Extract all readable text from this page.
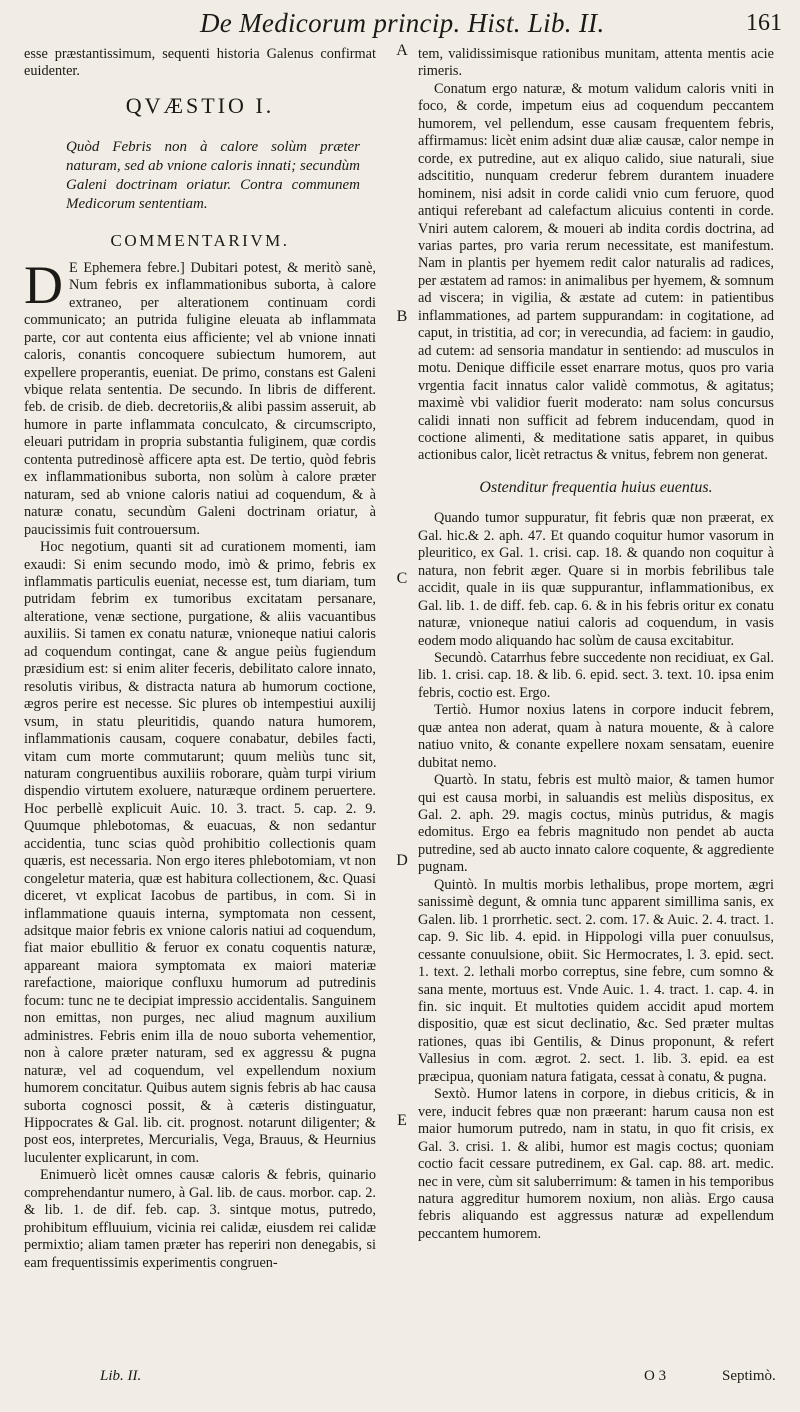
De Medicorum princip. Hist. Lib. II.	161

esse præstantissimum, sequenti historia Galenus confirmat euidenter.

QVÆSTIO I.
Quòd Febris non à calore solùm præter naturam, sed ab vnione caloris innati; secundùm Galeni doctrinam oriatur. Contra communem Medicorum sententiam.
COMMENTARIVM.

D E Ephemera febre.] Dubitari potest, & meritò sanè, Num febris ex inflammationibus suborta, à calore extraneo, per alterationem continuam cordi communicato; an putrida fuligine eleuata ab inflammata parte, cor aut contenta eius afficiente; vel ab vnione innati caloris, conantis concoquere subiectum humorem, aut expellere properantis, eueniat. De primo, constans est Galeni vbique relata sententia. De secundo. In libris de different. feb. de crisib. de dieb. decretoriis,& alibi passim asseruit, ab humore in parte inflammata conculcato, & circumscripto, eleuari putridam in propria substantia fuliginem, quæ cordis contenta putredinosè afficere apta est. De tertio, quòd febris ex inflammationibus suborta, non solùm à calore præter naturam, sed ab vnione caloris natiui ad coquendum, & à naturæ conatu, secundùm Galeni doctrinam oriatur, à paucissimis fuit controuersum.

Hoc negotium, quanti sit ad curationem momenti, iam exaudi: Si enim secundo modo, imò & primo, febris ex inflammatis particulis eueniat, necesse est, tum diariam, tum putridam febrim ex tumoribus excitatam persanare, alteratione, venæ sectione, purgatione, & aliis vacuantibus auxiliis. Si tamen ex conatu naturæ, vnioneque natiui caloris ad coquendum contingat, cane & angue peiùs fugiendum præsidium est: si enim aliter feceris, debilitato calore innato, resolutis viribus, & distracta natura ab humorum coctione, ægros perire est necesse. Sic plures ob intempestiui auxilij vsum, in statu pleuritidis, quando natura humorem, inflammationis causam, coquere conabatur, debiles facti, vitam cum morte commutarunt; quum meliùs tunc sit, naturam congruentibus auxiliis roborare, quàm turpi virium dispendio virtutem exoluere, naturæque ordinem peruertere. Hoc perbellè explicuit Auic. 10. 3. tract. 5. cap. 2. 9. Quumque phlebotomas, & euacuas, & non sedantur accidentia, tunc scias quòd prohibitio collectionis quam quæris, est necessaria. Non ergo iteres phlebotomiam, vt non congeletur materia, quæ est habitura collectionem, &c. Quasi diceret, vt explicat Iacobus de partibus, in com. Si in inflammatione quauis interna, symptomata non cessent, adsitque maior febris ex vnione caloris natiui ad coquendum, fiat maior ebullitio & feruor ex conatu coquentis naturæ, appareant maiora symptomata ex maiori materiæ rarefactione, maiorique confluxu humorum ad putredinis focum: tunc ne te decipiat impressio accidentalis. Sanguinem non emittas, non purges, nec aliud magnum auxilium administres. Febris enim illa de nouo suborta vehementior, non à calore præter naturam, sed ex aggressu & pugna naturæ, vel ad coquendum, vel expellendum noxium humorem concitatur. Quibus autem signis febris ab hac causa suborta cognosci possit, & à cæteris distinguatur, Hippocrates & Gal. lib. cit. prognost. notarunt diligenter; & post eos, interpretes, Mercurialis, Vega, Brauus, & Heurnius luculenter explicarunt, in com.

Enimuerò licèt omnes causæ caloris & febris, quinario comprehendantur numero, à Gal. lib. de caus. morbor. cap. 2. & lib. 1. de dif. feb. cap. 3. sintque motus, putredo, prohibitum effluuium, vicinia rei calidæ, eiusdem rei calidæ permixtio; aliam tamen præter has reperiri non denegabis, si eam frequentissimis experimentis congruen-

A
B
C
D
E

tem, validissimisque rationibus munitam, attenta mentis acie rimeris.

Conatum ergo naturæ, & motum validum caloris vniti in foco, & corde, impetum eius ad coquendum peccantem humorem, vel pellendum, esse causam frequentem febris, affirmamus: licèt enim adsint duæ aliæ causæ, calor nempe in corde, ex putredine, aut ex aliquo calido, siue naturali, siue adscititio, nunquam crederur febrem durantem inuadere hominem, nisi adsit in corde calidi vnio cum feruore, quod antiqui referebant ad calefactum alicuius contenti in corde. Vniri autem calorem, & moueri ab indita cordis doctrina, ad varias partes, pro varia rerum necessitate, est manifestum. Nam in plantis per hyemem redit calor naturalis ad radices, per æstatem ad ramos: in animalibus per hyemem, & somnum ad viscera; in vigilia, & æstate ad cutem: in patientibus inflammationes, ad partem suppurandam: in cogitatione, ad caput, in tristitia, ad cor; in verecundia, ad faciem: in gaudio, ad cutem: ad sensoria mandatur in sentiendo: ad musculos in motu. Denique difficile esset enarrare motus, quos pro varia vrgentia facit innatus calor validè commotus, & agitatus; maximè vbi validior fuerit moderato: nam solus concursus calidi innati non sufficit ad febrem inducendam, quod in coctione alimenti, & meditatione satis apparet, in quibus actionibus calor, licèt retractus & vnitus, febrem non generat.

Ostenditur frequentia huius euentus.

Quando tumor suppuratur, fit febris quæ non præerat, ex Gal. hic.& 2. aph. 47. Et quando coquitur humor vasorum in pleuritico, ex Gal. 1. crisi. cap. 18. & quando non coquitur à natura, non febrit æger. Quare si in morbis febrilibus tale accidit, quale in iis quæ suppurantur, inflammationibus, ex Gal. lib. 1. de diff. feb. cap. 6. & in his febris oritur ex conatu naturæ, vnioneque natiui caloris ad coquendum, in vasis eodem modo aliquando hac solùm de causa excitabitur.

Secundò. Catarrhus febre succedente non recidiuat, ex Gal. lib. 1. crisi. cap. 18. & lib. 6. epid. sect. 3. text. 10. ipsa enim febris, coctio est. Ergo.

Tertiò. Humor noxius latens in corpore inducit febrem, quæ antea non aderat, quam à natura mouente, & à calore natiuo vnito, & conante expellere noxam sensatam, euenire dubitat nemo.

Quartò. In statu, febris est multò maior, & tamen humor qui est causa morbi, in saluandis est meliùs dispositus, ex Gal. 2. aph. 29. magis coctus, minùs putridus, & magis edomitus. Ergo ea febris magnitudo non pendet ab aucta putredine, sed ab aucto innato calore coquente, & aggrediente pugnam.

Quintò. In multis morbis lethalibus, prope mortem, ægri sanissimè degunt, & omnia tunc apparent simillima sanis, ex Galen. lib. 1 prorrhetic. sect. 2. com. 17. & Auic. 2. 4. tract. 1. cap. 9. Sic lib. 4. epid. in Hippologi villa puer conuulsus, cessante conuulsione, obiit. Sic Hermocrates, l. 3. epid. sect. 1. text. 2. lethali morbo correptus, sine febre, cum somno & sana mente, mortuus est. Vnde Auic. 1. 4. tract. 1. cap. 4. in fin. sic inquit. Et multoties quidem accidit apud mortem dispositio, quæ est sicut declinatio, &c. Sed præter multas rationes, quas ibi Gentilis, & Dinus proponunt, & refert Vallesius in com. ægrot. 2. sect. 1. lib. 3. epid. ea est præcipua, quoniam natura fatigata, cessat à conatu, & pugna.

Sextò. Humor latens in corpore, in diebus criticis, & in vere, inducit febres quæ non præerant: harum causa non est maior humorum putredo, nam in statu, in quo fit crisis, ex Gal. 3. crisi. 1. & alibi, humor est magis coctus; quoniam coctio facit cessare putredinem, ex Gal. cap. 88. art. medic. nec in vere, cùm sit saluberrimum: & tamen in his temporibus natura aggreditur humorem noxium, non aliàs. Ergo causa febris aliquando est aggressus naturæ ad expellendum peccantem humorem.

Lib. II.	O 3	Septimò.
